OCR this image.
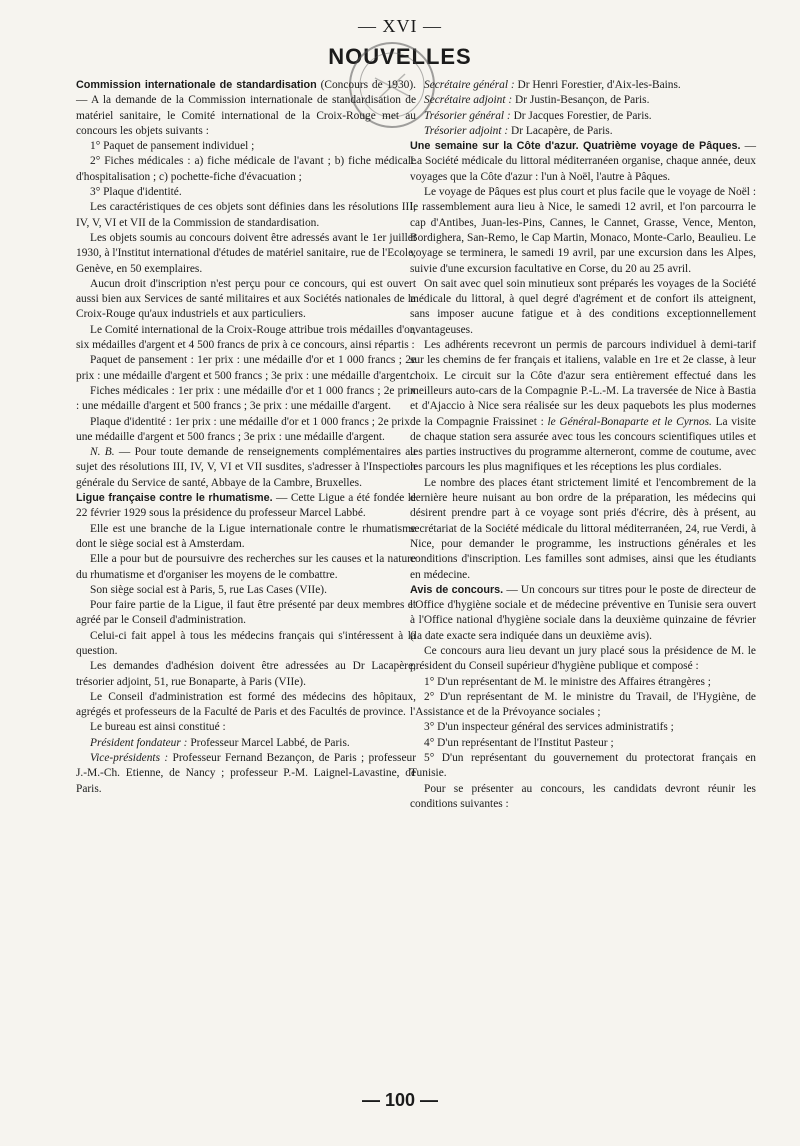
— XVI —
NOUVELLES

Commission internationale de standardisation (Concours de 1930). — A la demande de la Commission internationale de standardisation de matériel sanitaire, le Comité international de la Croix-Rouge met au concours les objets suivants :

1° Paquet de pansement individuel ;

2° Fiches médicales : a) fiche médicale de l'avant ; b) fiche médicale d'hospitalisation ; c) pochette-fiche d'évacuation ;

3° Plaque d'identité.

Les caractéristiques de ces objets sont définies dans les résolutions III, IV, V, VI et VII de la Commission de standardisation.

Les objets soumis au concours doivent être adressés avant le 1er juillet 1930, à l'Institut international d'études de matériel sanitaire, rue de l'Ecole, Genève, en 50 exemplaires.

Aucun droit d'inscription n'est perçu pour ce concours, qui est ouvert aussi bien aux Services de santé militaires et aux Sociétés nationales de la Croix-Rouge qu'aux industriels et aux particuliers.

Le Comité international de la Croix-Rouge attribue trois médailles d'or, six médailles d'argent et 4 500 francs de prix à ce concours, ainsi répartis :

Paquet de pansement : 1er prix : une médaille d'or et 1 000 francs ; 2e prix : une médaille d'argent et 500 francs ; 3e prix : une médaille d'argent.

Fiches médicales : 1er prix : une médaille d'or et 1 000 francs ; 2e prix : une médaille d'argent et 500 francs ; 3e prix : une médaille d'argent.

Plaque d'identité : 1er prix : une médaille d'or et 1 000 francs ; 2e prix : une médaille d'argent et 500 francs ; 3e prix : une médaille d'argent.

N. B. — Pour toute demande de renseignements complémentaires au sujet des résolutions III, IV, V, VI et VII susdites, s'adresser à l'Inspection générale du Service de santé, Abbaye de la Cambre, Bruxelles.

Ligue française contre le rhumatisme. — Cette Ligue a été fondée le 22 février 1929 sous la présidence du professeur Marcel Labbé.

Elle est une branche de la Ligue internationale contre le rhumatisme dont le siège social est à Amsterdam.

Elle a pour but de poursuivre des recherches sur les causes et la nature du rhumatisme et d'organiser les moyens de le combattre.

Son siège social est à Paris, 5, rue Las Cases (VIIe).

Pour faire partie de la Ligue, il faut être présenté par deux membres et agréé par le Conseil d'administration.

Celui-ci fait appel à tous les médecins français qui s'intéressent à la question.

Les demandes d'adhésion doivent être adressées au Dr Lacapère, trésorier adjoint, 51, rue Bonaparte, à Paris (VIIe).

Le Conseil d'administration est formé des médecins des hôpitaux, agrégés et professeurs de la Faculté de Paris et des Facultés de province.

Le bureau est ainsi constitué :

Président fondateur : Professeur Marcel Labbé, de Paris.

Vice-présidents : Professeur Fernand Bezançon, de Paris ; professeur J.-M.-Ch. Etienne, de Nancy ; professeur P.-M. Laignel-Lavastine, de Paris.

Secrétaire général : Dr Henri Forestier, d'Aix-les-Bains.

Secrétaire adjoint : Dr Justin-Besançon, de Paris.

Trésorier général : Dr Jacques Forestier, de Paris.

Trésorier adjoint : Dr Lacapère, de Paris.

Une semaine sur la Côte d'azur. Quatrième voyage de Pâques. — La Société médicale du littoral méditerranéen organise, chaque année, deux voyages que la Côte d'azur : l'un à Noël, l'autre à Pâques.

Le voyage de Pâques est plus court et plus facile que le voyage de Noël : le rassemblement aura lieu à Nice, le samedi 12 avril, et l'on parcourra le cap d'Antibes, Juan-les-Pins, Cannes, le Cannet, Grasse, Vence, Menton, Bordighera, San-Remo, le Cap Martin, Monaco, Monte-Carlo, Beaulieu. Le voyage se terminera, le samedi 19 avril, par une excursion dans les Alpes, suivie d'une excursion facultative en Corse, du 20 au 25 avril.

On sait avec quel soin minutieux sont préparés les voyages de la Société médicale du littoral, à quel degré d'agrément et de confort ils atteignent, sans imposer aucune fatigue et à des conditions exceptionnellement avantageuses.

Les adhérents recevront un permis de parcours individuel à demi-tarif sur les chemins de fer français et italiens, valable en 1re et 2e classe, à leur choix. Le circuit sur la Côte d'azur sera entièrement effectué dans les meilleurs auto-cars de la Compagnie P.-L.-M. La traversée de Nice à Bastia et d'Ajaccio à Nice sera réalisée sur les deux paquebots les plus modernes de la Compagnie Fraissinet : le Général-Bonaparte et le Cyrnos. La visite de chaque station sera assurée avec tous les concours scientifiques utiles et les parties instructives du programme alterneront, comme de coutume, avec les parcours les plus magnifiques et les réceptions les plus cordiales.

Le nombre des places étant strictement limité et l'encombrement de la dernière heure nuisant au bon ordre de la préparation, les médecins qui désirent prendre part à ce voyage sont priés d'écrire, dès à présent, au secrétariat de la Société médicale du littoral méditerranéen, 24, rue Verdi, à Nice, pour demander le programme, les instructions générales et les conditions d'inscription. Les familles sont admises, ainsi que les étudiants en médecine.

Avis de concours. — Un concours sur titres pour le poste de directeur de l'Office d'hygiène sociale et de médecine préventive en Tunisie sera ouvert à l'Office national d'hygiène sociale dans la deuxième quinzaine de février (la date exacte sera indiquée dans un deuxième avis).

Ce concours aura lieu devant un jury placé sous la présidence de M. le président du Conseil supérieur d'hygiène publique et composé :

1° D'un représentant de M. le ministre des Affaires étrangères ;

2° D'un représentant de M. le ministre du Travail, de l'Hygiène, de l'Assistance et de la Prévoyance sociales ;

3° D'un inspecteur général des services administratifs ;

4° D'un représentant de l'Institut Pasteur ;

5° D'un représentant du gouvernement du protectorat français en Tunisie.

Pour se présenter au concours, les candidats devront réunir les conditions suivantes :

— 100 —
